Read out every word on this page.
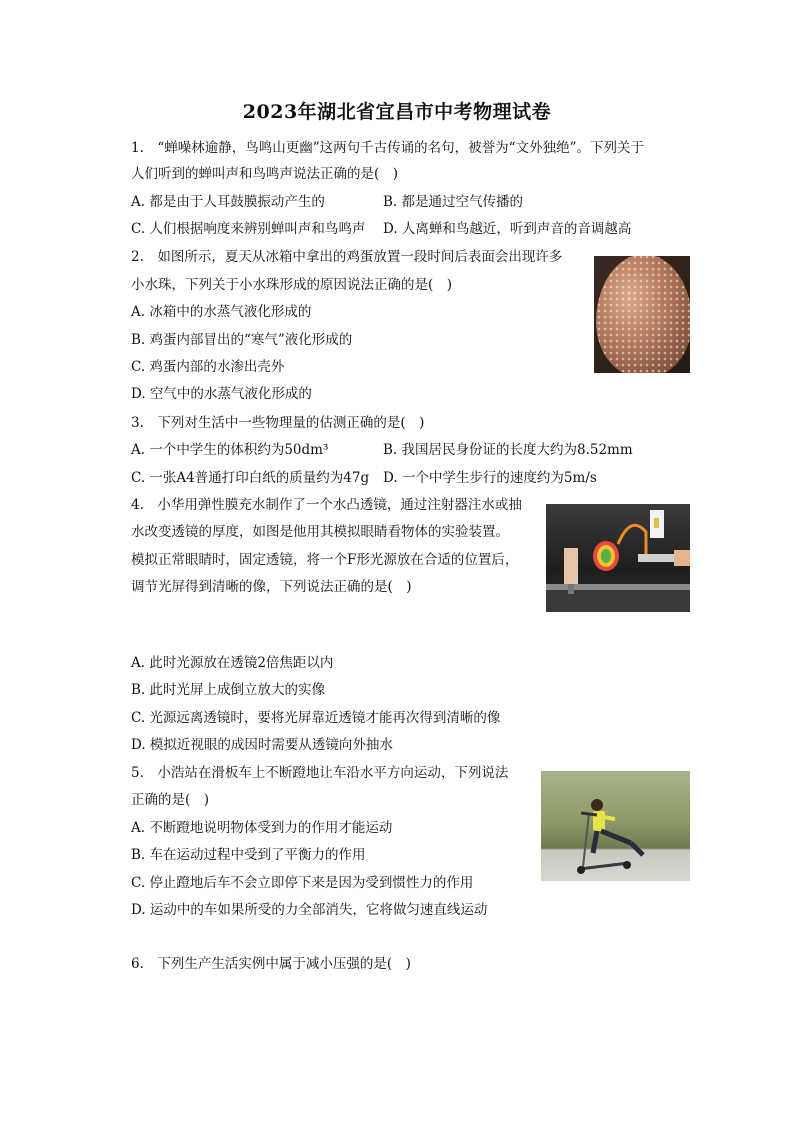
2023年湖北省宜昌市中考物理试卷
1.　“蝉噪林逾静，鸟鸣山更幽”这两句千古传诵的名句，被誉为“文外独绝”。下列关于
人们听到的蝉叫声和鸟鸣声说法正确的是(　)
A. 都是由于人耳鼓膜振动产生的	B. 都是通过空气传播的
C. 人们根据响度来辨别蝉叫声和鸟鸣声 D. 人离蝉和鸟越近，听到声音的音调越高
2.　如图所示，夏天从冰箱中拿出的鸡蛋放置一段时间后表面会出现许多
小水珠，下列关于小水珠形成的原因说法正确的是(　)
A. 冰箱中的水蒸气液化形成的
B. 鸡蛋内部冒出的“寒气”液化形成的
C. 鸡蛋内部的水渗出壳外
D. 空气中的水蒸气液化形成的
3.　下列对生活中一些物理量的估测正确的是(　)
A. 一个中学生的体积约为50dm³	B. 我国居民身份证的长度大约为8.52mm
C. 一张A4普通打印白纸的质量约为47g D. 一个中学生步行的速度约为5m/s
4.　小华用弹性膜充水制作了一个水凸透镜，通过注射器注水或抽
水改变透镜的厚度，如图是他用其模拟眼睛看物体的实验装置。
模拟正常眼睛时，固定透镜，将一个F形光源放在合适的位置后，
调节光屏得到清晰的像，下列说法正确的是(　)
A. 此时光源放在透镜2倍焦距以内
B. 此时光屏上成倒立放大的实像
C. 光源远离透镜时，要将光屏靠近透镜才能再次得到清晰的像
D. 模拟近视眼的成因时需要从透镜向外抽水
5.　小浩站在滑板车上不断蹬地让车沿水平方向运动，下列说法
正确的是(　)
A. 不断蹬地说明物体受到力的作用才能运动
B. 车在运动过程中受到了平衡力的作用
C. 停止蹬地后车不会立即停下来是因为受到惯性力的作用
D. 运动中的车如果所受的力全部消失，它将做匀速直线运动
6.　下列生产生活实例中属于减小压强的是(　)
